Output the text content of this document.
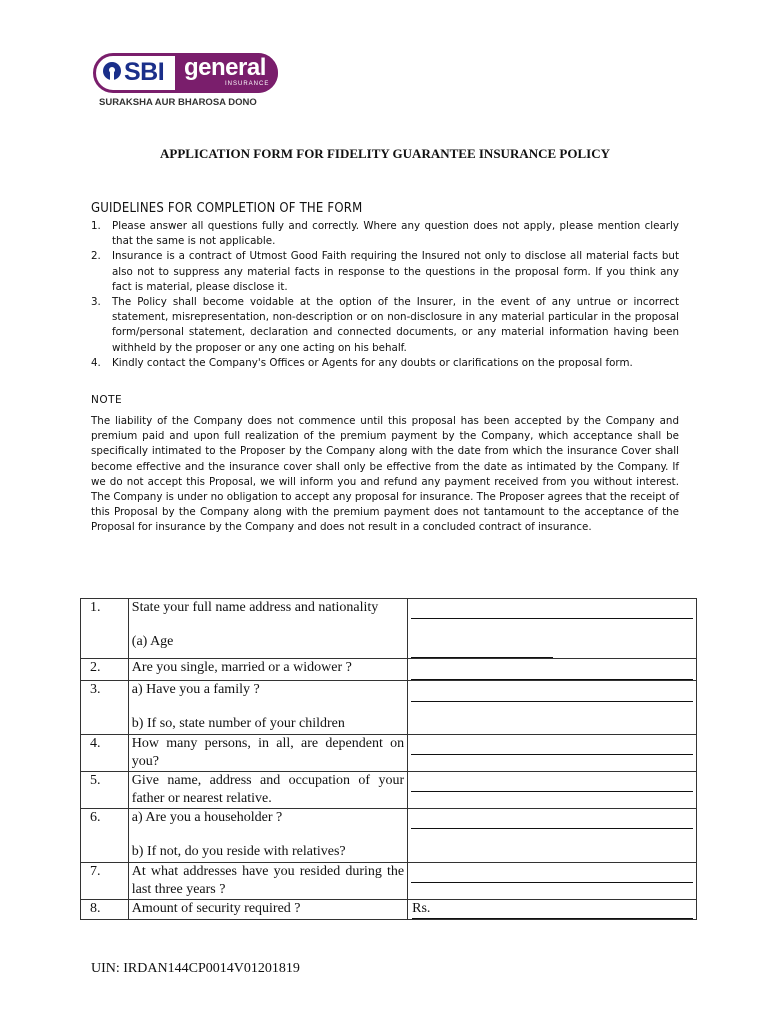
SBI general
INSURANCE
SURAKSHA AUR BHAROSA DONO
APPLICATION FORM FOR FIDELITY GUARANTEE INSURANCE POLICY
GUIDELINES FOR COMPLETION OF THE FORM
1. Please answer all questions fully and correctly. Where any question does not apply, please mention clearly that the same is not applicable.
2. Insurance is a contract of Utmost Good Faith requiring the Insured not only to disclose all material facts but also not to suppress any material facts in response to the questions in the proposal form. If you think any fact is material, please disclose it.
3. The Policy shall become voidable at the option of the Insurer, in the event of any untrue or incorrect statement, misrepresentation, non-description or on non-disclosure in any material particular in the proposal form/personal statement, declaration and connected documents, or any material information having been withheld by the proposer or any one acting on his behalf.
4. Kindly contact the Company's Offices or Agents for any doubts or clarifications on the proposal form.
NOTE

The liability of the Company does not commence until this proposal has been accepted by the Company and premium paid and upon full realization of the premium payment by the Company, which acceptance shall be specifically intimated to the Proposer by the Company along with the date from which the insurance Cover shall become effective and the insurance cover shall only be effective from the date as intimated by the Company. If we do not accept this Proposal, we will inform you and refund any payment received from you without interest. The Company is under no obligation to accept any proposal for insurance. The Proposer agrees that the receipt of this Proposal by the Company along with the premium payment does not tantamount to the acceptance of the Proposal for insurance by the Company and does not result in a concluded contract of insurance.

1.	State your full name address and nationality
(a) Age	

2.	Are you single, married or a widower ?	

3.	a) Have you a family ?
b) If so, state number of your children	

4.	How many persons, in all, are dependent on you?	

5.	Give name, address and occupation of your father or nearest relative.	

6.	a) Are you a householder ?
b) If not, do you reside with relatives?	

7.	At what addresses have you resided during the last three years ?	

8.	Amount of security required ?	Rs.
UIN: IRDAN144CP0014V01201819
